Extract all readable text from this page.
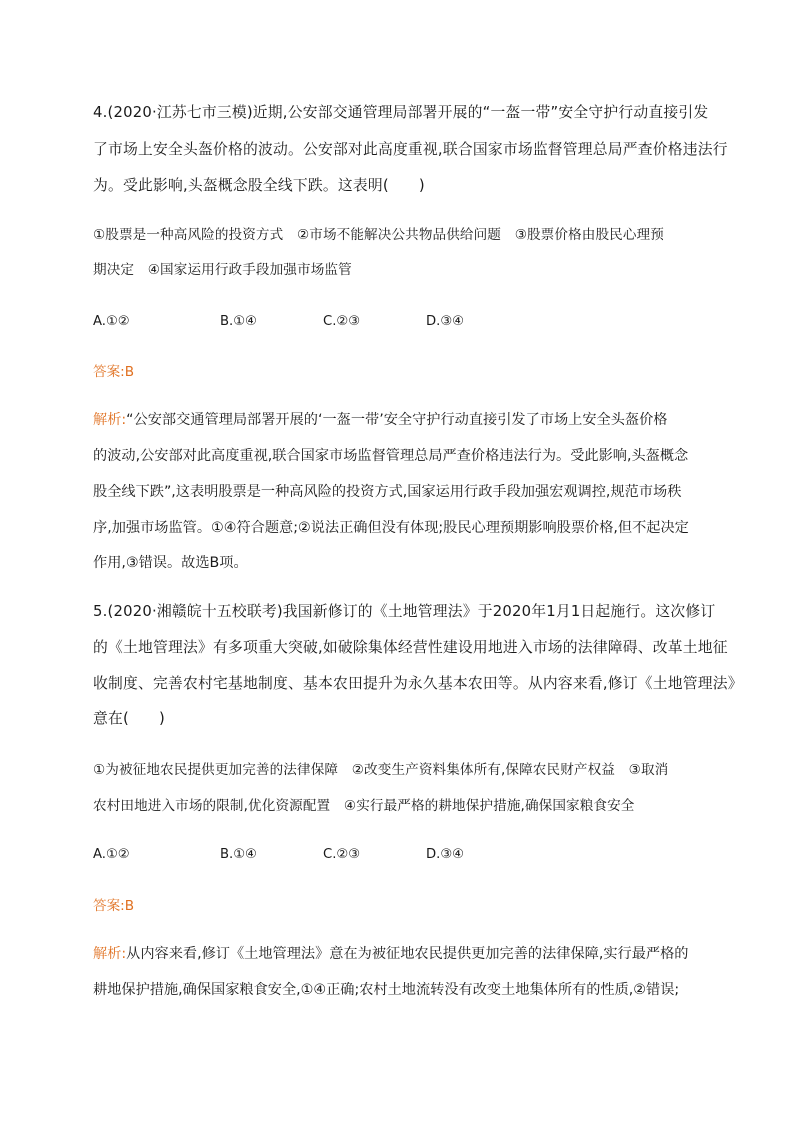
4.(2020·江苏七市三模)近期,公安部交通管理局部署开展的“一盔一带”安全守护行动直接引发
了市场上安全头盔价格的波动。公安部对此高度重视,联合国家市场监督管理总局严查价格违法行
为。受此影响,头盔概念股全线下跌。这表明(　　)
①股票是一种高风险的投资方式　②市场不能解决公共物品供给问题　③股票价格由股民心理预
期决定　④国家运用行政手段加强市场监管
A.①②	B.①④	C.②③	D.③④
答案:B
解析:“公安部交通管理局部署开展的‘一盔一带’安全守护行动直接引发了市场上安全头盔价格
的波动,公安部对此高度重视,联合国家市场监督管理总局严查价格违法行为。受此影响,头盔概念
股全线下跌”,这表明股票是一种高风险的投资方式,国家运用行政手段加强宏观调控,规范市场秩
序,加强市场监管。①④符合题意;②说法正确但没有体现;股民心理预期影响股票价格,但不起决定
作用,③错误。故选B项。
5.(2020·湘赣皖十五校联考)我国新修订的《土地管理法》于2020年1月1日起施行。这次修订
的《土地管理法》有多项重大突破,如破除集体经营性建设用地进入市场的法律障碍、改革土地征
收制度、完善农村宅基地制度、基本农田提升为永久基本农田等。从内容来看,修订《土地管理法》
意在(　　)
①为被征地农民提供更加完善的法律保障　②改变生产资料集体所有,保障农民财产权益　③取消
农村田地进入市场的限制,优化资源配置　④实行最严格的耕地保护措施,确保国家粮食安全
A.①②	B.①④	C.②③	D.③④
答案:B
解析:从内容来看,修订《土地管理法》意在为被征地农民提供更加完善的法律保障,实行最严格的
耕地保护措施,确保国家粮食安全,①④正确;农村土地流转没有改变土地集体所有的性质,②错误;
